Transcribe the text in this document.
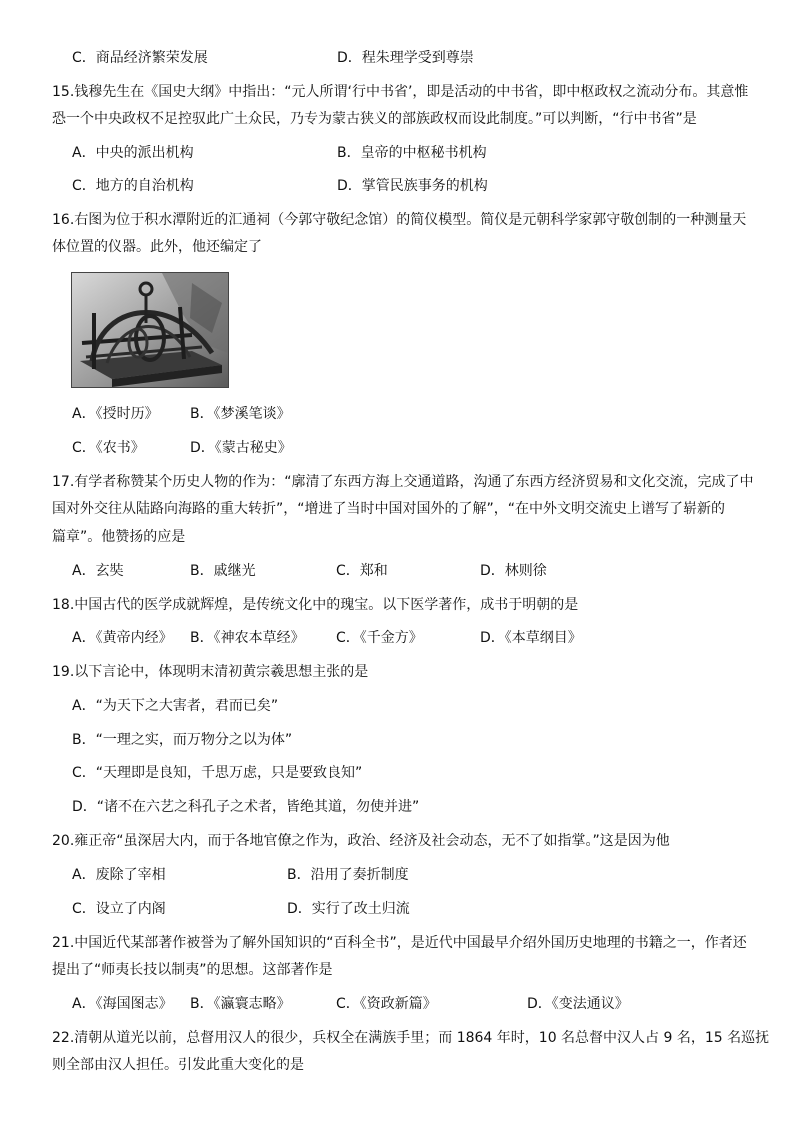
C．商品经济繁荣发展	D．程朱理学受到尊崇
15.钱穆先生在《国史大纲》中指出：“元人所谓‘行中书省’，即是活动的中书省，即中枢政权之流动分布。其意惟
恐一个中央政权不足控驭此广土众民，乃专为蒙古狭义的部族政权而设此制度。”可以判断，“行中书省”是
A．中央的派出机构	B．皇帝的中枢秘书机构
C．地方的自治机构	D．掌管民族事务的机构
16.右图为位于积水潭附近的汇通祠（今郭守敬纪念馆）的简仪模型。简仪是元朝科学家郭守敬创制的一种测量天
体位置的仪器。此外，他还编定了
A．《授时历》 B．《梦溪笔谈》
C．《农书》	D．《蒙古秘史》
17.有学者称赞某个历史人物的作为：“廓清了东西方海上交通道路，沟通了东西方经济贸易和文化交流，完成了中
国对外交往从陆路向海路的重大转折”，“增进了当时中国对国外的了解”，“在中外文明交流史上谱写了崭新的
篇章”。他赞扬的应是
A．玄奘	B．戚继光	C．郑和	D．林则徐
18.中国古代的医学成就辉煌，是传统文化中的瑰宝。以下医学著作，成书于明朝的是
A．《黄帝内经》 B．《神农本草经》 C．《千金方》	D．《本草纲目》
19.以下言论中，体现明末清初黄宗羲思想主张的是
A．“为天下之大害者，君而已矣”
B．“一理之实，而万物分之以为体”
C．“天理即是良知，千思万虑，只是要致良知”
D．“诸不在六艺之科孔子之术者，皆绝其道，勿使并进”
20.雍正帝“虽深居大内，而于各地官僚之作为，政治、经济及社会动态，无不了如指掌。”这是因为他
A．废除了宰相	B．沿用了奏折制度
C．设立了内阁	D．实行了改土归流
21.中国近代某部著作被誉为了解外国知识的“百科全书”，是近代中国最早介绍外国历史地理的书籍之一，作者还
提出了“师夷长技以制夷”的思想。这部著作是
A．《海国图志》 B．《瀛寰志略》	C．《资政新篇》	D．《变法通议》
22.清朝从道光以前，总督用汉人的很少，兵权全在满族手里；而 1864 年时，10 名总督中汉人占 9 名，15 名巡抚
则全部由汉人担任。引发此重大变化的是
